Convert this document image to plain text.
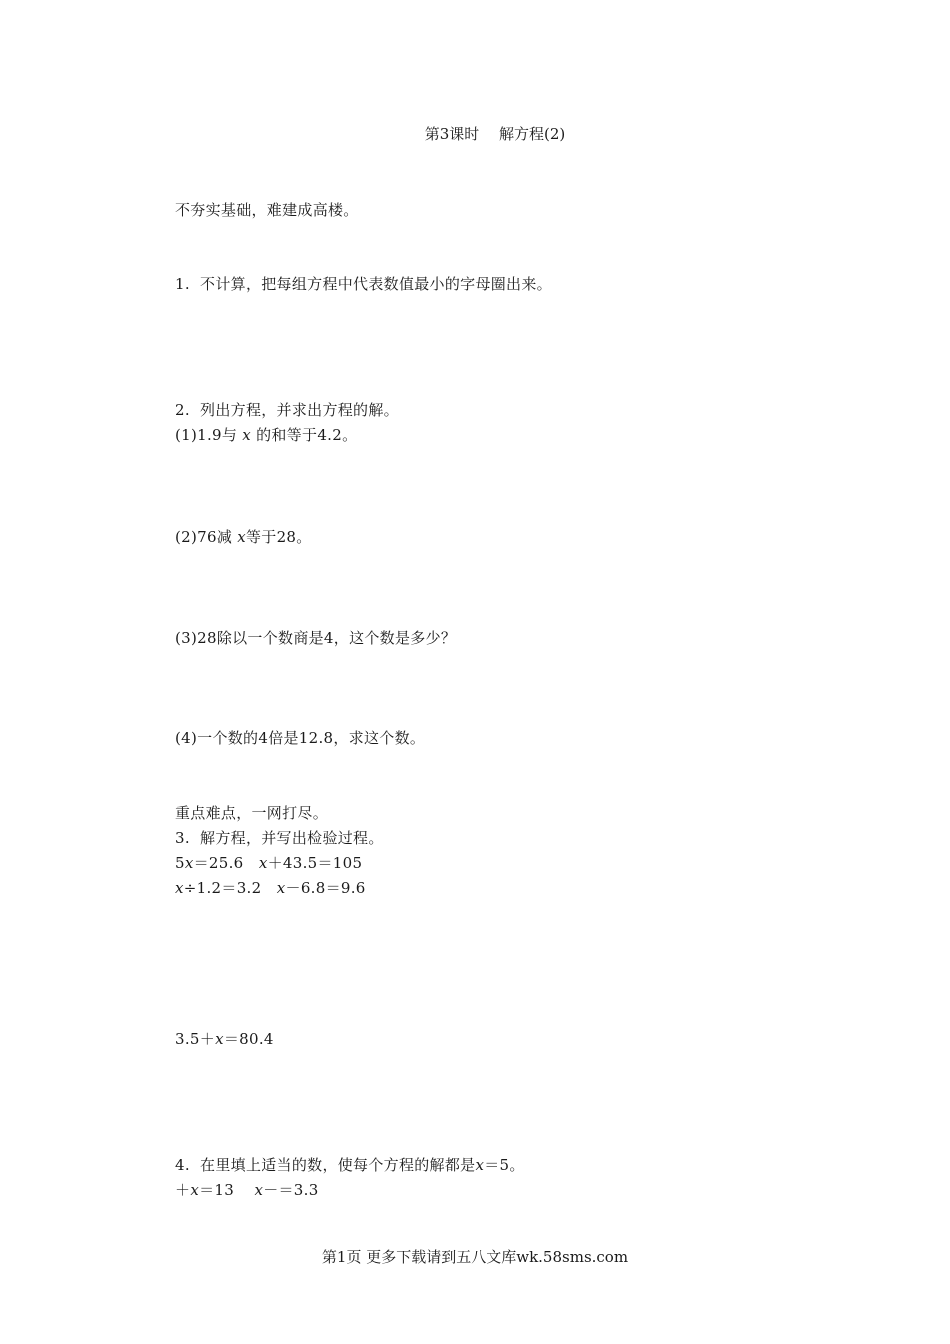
第3课时　 解方程(2)
不夯实基础，难建成高楼。
1.  不计算，把每组方程中代表数值最小的字母圈出来。
2.  列出方程，并求出方程的解。
(1)1.9与 x 的和等于4.2。
(2)76减 x等于28。
(3)28除以一个数商是4，这个数是多少？
(4)一个数的4倍是12.8，求这个数。
重点难点，一网打尽。
3.  解方程，并写出检验过程。
5x＝25.6　x＋43.5＝105
x÷1.2＝3.2　x－6.8＝9.6
3.5＋x＝80.4
4.  在里填上适当的数，使每个方程的解都是x＝5。
＋x＝13　 x－＝3.3
第1页 更多下载请到五八文库wk.58sms.com
